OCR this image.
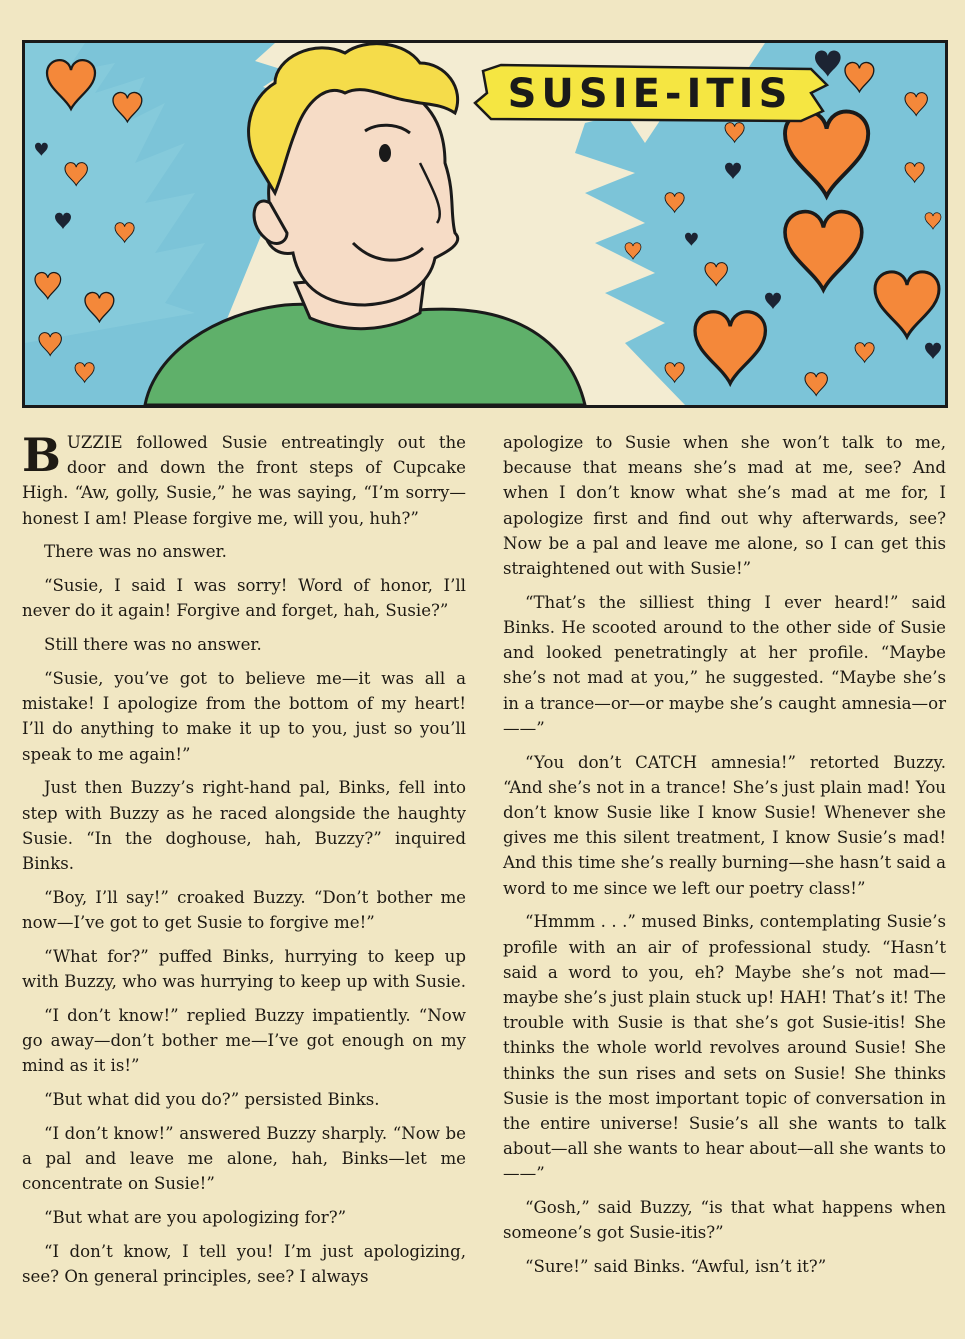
SUSIE-ITIS

BUZZIE followed Susie entreatingly out the door and down the front steps of Cupcake High. “Aw, golly, Susie,” he was saying, “I’m sorry—honest I am! Please forgive me, will you, huh?”

There was no answer.

“Susie, I said I was sorry! Word of honor, I’ll never do it again! Forgive and forget, hah, Susie?”

Still there was no answer.

“Susie, you’ve got to believe me—it was all a mistake! I apologize from the bottom of my heart! I’ll do anything to make it up to you, just so you’ll speak to me again!”

Just then Buzzy’s right-hand pal, Binks, fell into step with Buzzy as he raced alongside the haughty Susie. “In the doghouse, hah, Buzzy?” inquired Binks.

“Boy, I’ll say!” croaked Buzzy. “Don’t bother me now—I’ve got to get Susie to forgive me!”

“What for?” puffed Binks, hurrying to keep up with Buzzy, who was hurrying to keep up with Susie.

“I don’t know!” replied Buzzy impatiently. “Now go away—don’t bother me—I’ve got enough on my mind as it is!”

“But what did you do?” persisted Binks.

“I don’t know!” answered Buzzy sharply. “Now be a pal and leave me alone, hah, Binks—let me concentrate on Susie!”

“But what are you apologizing for?”

“I don’t know, I tell you! I’m just apologizing, see? On general principles, see? I always

apologize to Susie when she won’t talk to me, because that means she’s mad at me, see? And when I don’t know what she’s mad at me for, I apologize first and find out why afterwards, see? Now be a pal and leave me alone, so I can get this straightened out with Susie!”

“That’s the silliest thing I ever heard!” said Binks. He scooted around to the other side of Susie and looked penetratingly at her profile. “Maybe she’s not mad at you,” he suggested. “Maybe she’s in a trance—or—or maybe she’s caught amnesia—or——”

“You don’t CATCH amnesia!” retorted Buzzy. “And she’s not in a trance! She’s just plain mad! You don’t know Susie like I know Susie! Whenever she gives me this silent treatment, I know Susie’s mad! And this time she’s really burning—she hasn’t said a word to me since we left our poetry class!”

“Hmmm . . .” mused Binks, contemplating Susie’s profile with an air of professional study. “Hasn’t said a word to you, eh? Maybe she’s not mad—maybe she’s just plain stuck up! HAH! That’s it! The trouble with Susie is that she’s got Susie-itis! She thinks the whole world revolves around Susie! She thinks the sun rises and sets on Susie! She thinks Susie is the most important topic of conversation in the entire universe! Susie’s all she wants to talk about—all she wants to hear about—all she wants to——”

“Gosh,” said Buzzy, “is that what happens when someone’s got Susie-itis?”

“Sure!” said Binks. “Awful, isn’t it?”
